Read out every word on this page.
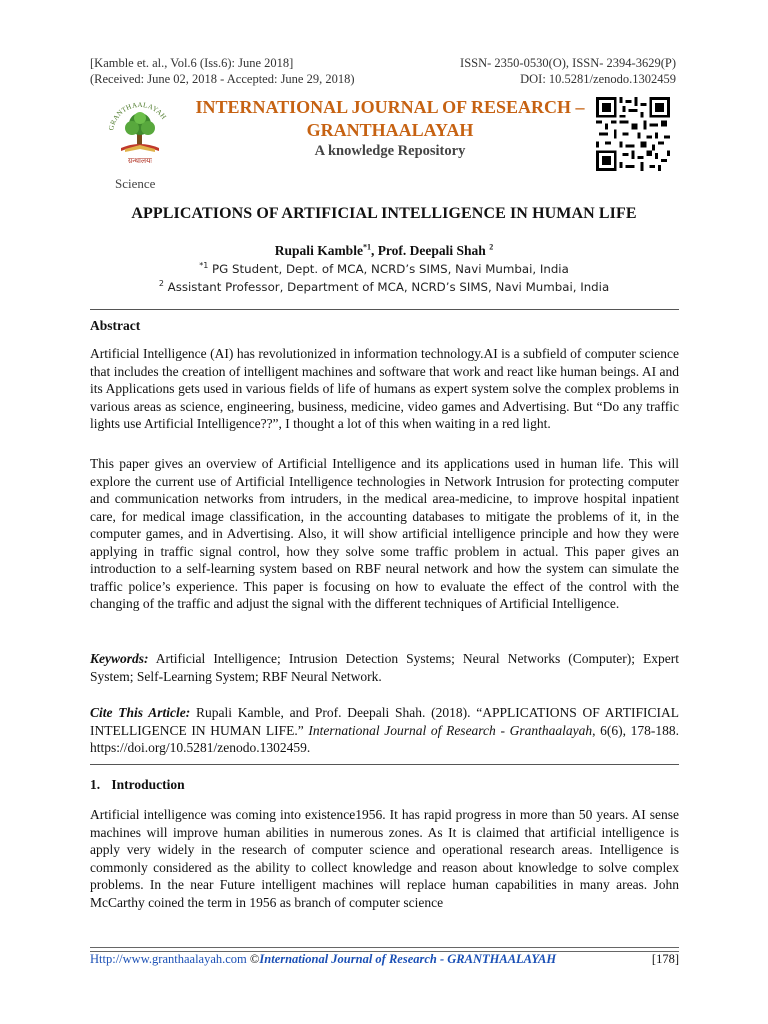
[Kamble et. al., Vol.6 (Iss.6): June 2018]
(Received: June 02, 2018 - Accepted: June 29, 2018)
ISSN- 2350-0530(O), ISSN- 2394-3629(P)
DOI: 10.5281/zenodo.1302459
GRANTHAALAYAH
ग्रन्थालयः
Science
INTERNATIONAL JOURNAL OF RESEARCH –
GRANTHAALAYAH
A knowledge Repository
APPLICATIONS OF ARTIFICIAL INTELLIGENCE IN HUMAN LIFE
Rupali Kamble$^{*1}$, Prof. Deepali Shah $^2$
$^{*1}$ PG Student, Dept. of MCA, NCRD’s SIMS, Navi Mumbai, India
$^2$ Assistant Professor, Department of MCA, NCRD’s SIMS, Navi Mumbai, India
Abstract
Artificial Intelligence (AI) has revolutionized in information technology.AI is a subfield of computer science that includes the creation of intelligent machines and software that work and react like human beings. AI and its Applications gets used in various fields of life of humans as expert system solve the complex problems in various areas as science, engineering, business, medicine, video games and Advertising. But “Do any traffic lights use Artificial Intelligence??”, I thought a lot of this when waiting in a red light.
This paper gives an overview of Artificial Intelligence and its applications used in human life. This will explore the current use of Artificial Intelligence technologies in Network Intrusion for protecting computer and communication networks from intruders, in the medical area-medicine, to improve hospital inpatient care, for medical image classification, in the accounting databases to mitigate the problems of it, in the computer games, and in Advertising. Also, it will show artificial intelligence principle and how they were applying in traffic signal control, how they solve some traffic problem in actual. This paper gives an introduction to a self-learning system based on RBF neural network and how the system can simulate the traffic police’s experience. This paper is focusing on how to evaluate the effect of the control with the changing of the traffic and adjust the signal with the different techniques of Artificial Intelligence.
Keywords: Artificial Intelligence; Intrusion Detection Systems; Neural Networks (Computer); Expert System; Self-Learning System; RBF Neural Network.
Cite This Article: Rupali Kamble, and Prof. Deepali Shah. (2018). “APPLICATIONS OF ARTIFICIAL INTELLIGENCE IN HUMAN LIFE.” International Journal of Research - Granthaalayah, 6(6), 178-188. https://doi.org/10.5281/zenodo.1302459.
1. Introduction
Artificial intelligence was coming into existence1956. It has rapid progress in more than 50 years. AI sense machines will improve human abilities in numerous zones. As It is claimed that artificial intelligence is apply very widely in the research of computer science and operational research areas. Intelligence is commonly considered as the ability to collect knowledge and reason about knowledge to solve complex problems. In the near Future intelligent machines will replace human capabilities in many areas. John McCarthy coined the term in 1956 as branch of computer science
Http://www.granthaalayah.com ©International Journal of Research - GRANTHAALAYAH	[178]
